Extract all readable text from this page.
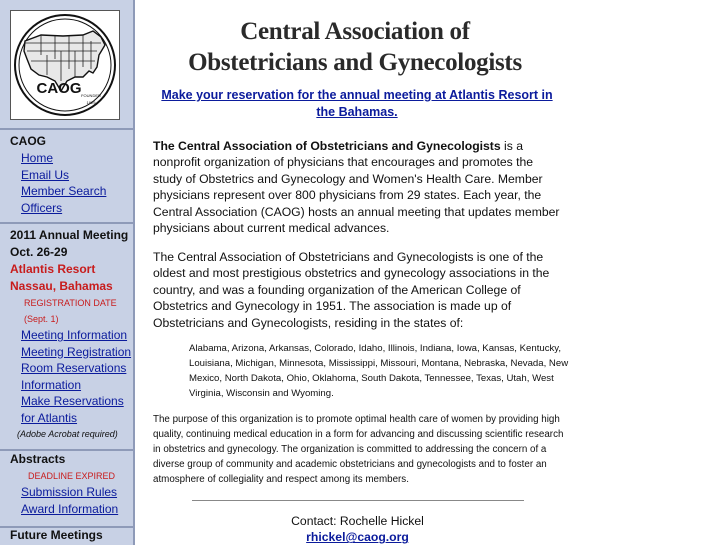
CAOG FOUNDED
1929
CAOG
Home
Email Us
Member Search
Officers
2011 Annual Meeting
Oct. 26-29
Atlantis Resort
Nassau, Bahamas
REGISTRATION DATE
(Sept. 1)
Meeting Information
Meeting Registration
Room Reservations Information
Make Reservations for Atlantis
(Adobe Acrobat required)
Abstracts
DEADLINE EXPIRED
Submission Rules
Award Information
Future Meetings
Central Association of
Obstetricians and Gynecologists
Make your reservation for the annual meeting at Atlantis Resort in the Bahamas.
The Central Association of Obstetricians and Gynecologists is a nonprofit organization of physicians that encourages and promotes the study of Obstetrics and Gynecology and Women's Health Care. Member physicians represent over 800 physicians from 29 states. Each year, the Central Association (CAOG) hosts an annual meeting that updates member physicians about current medical advances.
The Central Association of Obstetricians and Gynecologists is one of the oldest and most prestigious obstetrics and gynecology associations in the country, and was a founding organization of the American College of Obstetrics and Gynecology in 1951. The association is made up of Obstetricians and Gynecologists, residing in the states of:
Alabama, Arizona, Arkansas, Colorado, Idaho, Illinois, Indiana, Iowa, Kansas, Kentucky, Louisiana, Michigan, Minnesota, Mississippi, Missouri, Montana, Nebraska, Nevada, New Mexico, North Dakota, Ohio, Oklahoma, South Dakota, Tennessee, Texas, Utah, West Virginia, Wisconsin and Wyoming.
The purpose of this organization is to promote optimal health care of women by providing high quality, continuing medical education in a form for advancing and discussing scientific research in obstetrics and gynecology. The organization is committed to addressing the concern of a diverse group of community and academic obstetricians and gynecologists and to foster an atmosphere of collegiality and respect among its members.
Contact: Rochelle Hickel
rhickel@caog.org
